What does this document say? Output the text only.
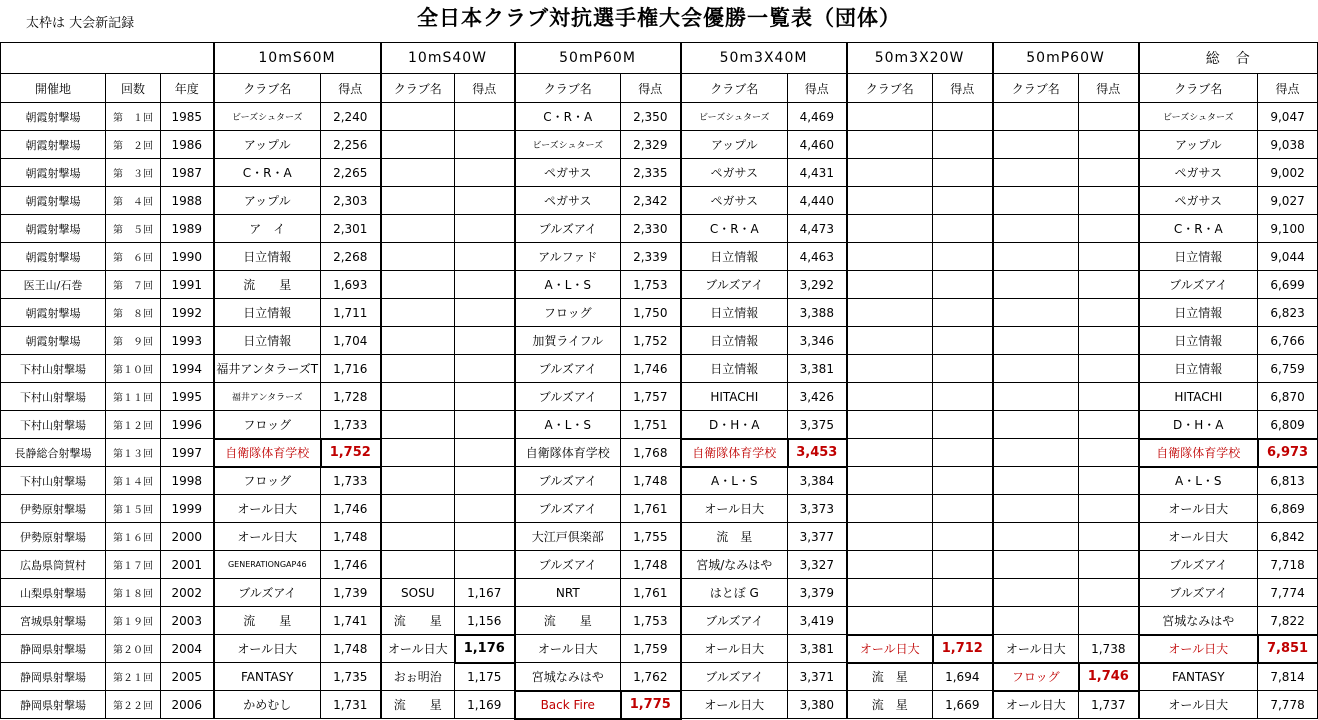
太枠は 大会新記録	全日本クラブ対抗選手権大会優勝一覧表（団体）
			10mS60M		10mS40W		50mP60M		50m3X40M		50m3X20W		50mP60W		総　合	
開催地	回数	年度	クラブ名	得点	クラブ名	得点	クラブ名	得点	クラブ名	得点	クラブ名	得点	クラブ名	得点	クラブ名	得点
朝霞射撃場	第　１回	1985	ビーズシュターズ	2,240			C・R・A	2,350	ビーズシュターズ	4,469					ビーズシュターズ	9,047
朝霞射撃場	第　２回	1986	アップル	2,256			ビーズシュターズ	2,329	アップル	4,460					アップル	9,038
朝霞射撃場	第　３回	1987	C・R・A	2,265			ペガサス	2,335	ペガサス	4,431					ペガサス	9,002
朝霞射撃場	第　４回	1988	アップル	2,303			ペガサス	2,342	ペガサス	4,440					ペガサス	9,027
朝霞射撃場	第　５回	1989	ア　イ	2,301			ブルズアイ	2,330	C・R・A	4,473					C・R・A	9,100
朝霞射撃場	第　６回	1990	日立情報	2,268			アルファド	2,339	日立情報	4,463					日立情報	9,044
医王山/石巻	第　７回	1991	流　　星	1,693			A・L・S	1,753	ブルズアイ	3,292					ブルズアイ	6,699
朝霞射撃場	第　８回	1992	日立情報	1,711			フロッグ	1,750	日立情報	3,388					日立情報	6,823
朝霞射撃場	第　９回	1993	日立情報	1,704			加賀ライフル	1,752	日立情報	3,346					日立情報	6,766
下村山射撃場	第１０回	1994	福井アンタラーズT	1,716			ブルズアイ	1,746	日立情報	3,381					日立情報	6,759
下村山射撃場	第１１回	1995	福井アンタラーズ	1,728			ブルズアイ	1,757	HITACHI	3,426					HITACHI	6,870
下村山射撃場	第１２回	1996	フロッグ	1,733			A・L・S	1,751	D・H・A	3,375					D・H・A	6,809
長静総合射撃場	第１３回	1997	自衛隊体育学校	1,752			自衛隊体育学校	1,768	自衛隊体育学校	3,453					自衛隊体育学校	6,973
下村山射撃場	第１４回	1998	フロッグ	1,733			ブルズアイ	1,748	A・L・S	3,384					A・L・S	6,813
伊勢原射撃場	第１５回	1999	オール日大	1,746			ブルズアイ	1,761	オール日大	3,373					オール日大	6,869
伊勢原射撃場	第１６回	2000	オール日大	1,748			大江戸倶楽部	1,755	流　星	3,377					オール日大	6,842
広島県筒賀村	第１７回	2001	GENERATIONGAP46	1,746			ブルズアイ	1,748	宮城/なみはや	3,327					ブルズアイ	7,718
山梨県射撃場	第１８回	2002	ブルズアイ	1,739	SOSU	1,167	NRT	1,761	はとぼ G	3,379					ブルズアイ	7,774
宮城県射撃場	第１９回	2003	流　　星	1,741	流　　星	1,156	流　　星	1,753	ブルズアイ	3,419					宮城なみはや	7,822
静岡県射撃場	第２０回	2004	オール日大	1,748	オール日大	1,176	オール日大	1,759	オール日大	3,381	オール日大	1,712	オール日大	1,738	オール日大	7,851
静岡県射撃場	第２１回	2005	FANTASY	1,735	おぉ明治	1,175	宮城なみはや	1,762	ブルズアイ	3,371	流　星	1,694	フロッグ	1,746	FANTASY	7,814
静岡県射撃場	第２２回	2006	かめむし	1,731	流　　星	1,169	Back Fire	1,775	オール日大	3,380	流　星	1,669	オール日大	1,737	オール日大	7,778
